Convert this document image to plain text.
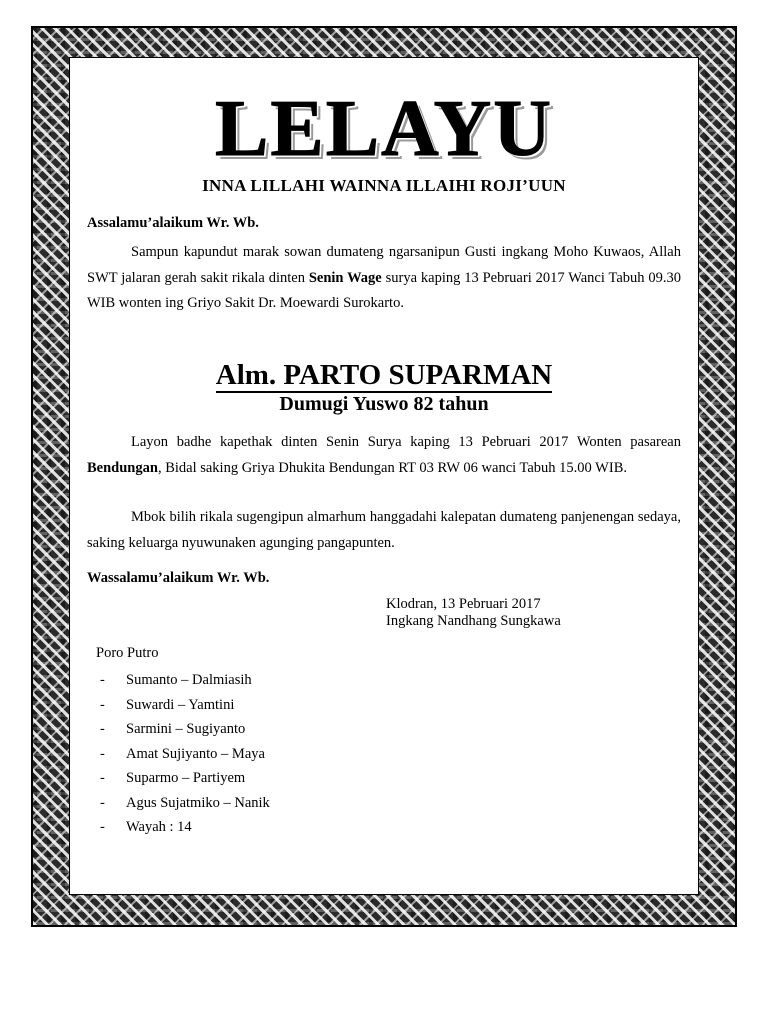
LELAYU
INNA LILLAHI WAINNA ILLAIHI ROJI’UUN
Assalamu’alaikum Wr. Wb.

Sampun kapundut marak sowan dumateng ngarsanipun Gusti ingkang Moho Kuwaos, Allah SWT jalaran gerah sakit rikala dinten Senin Wage surya kaping 13 Pebruari 2017 Wanci Tabuh 09.30 WIB wonten ing Griyo Sakit Dr. Moewardi Surokarto.

Alm. PARTO SUPARMAN
Dumugi Yuswo 82 tahun

Layon badhe kapethak dinten Senin Surya kaping 13 Pebruari 2017 Wonten pasarean Bendungan, Bidal saking Griya Dhukita Bendungan RT 03 RW 06 wanci Tabuh 15.00 WIB.

Mbok bilih rikala sugengipun almarhum hanggadahi kalepatan dumateng panjenengan sedaya, saking keluarga nyuwunaken agunging pangapunten.

Wassalamu’alaikum Wr. Wb.
Klodran, 13 Pebruari 2017
Ingkang Nandhang Sungkawa
Poro Putro
- Sumanto – Dalmiasih
- Suwardi – Yamtini
- Sarmini – Sugiyanto
- Amat Sujiyanto – Maya
- Suparmo – Partiyem
- Agus Sujatmiko – Nanik
- Wayah : 14
